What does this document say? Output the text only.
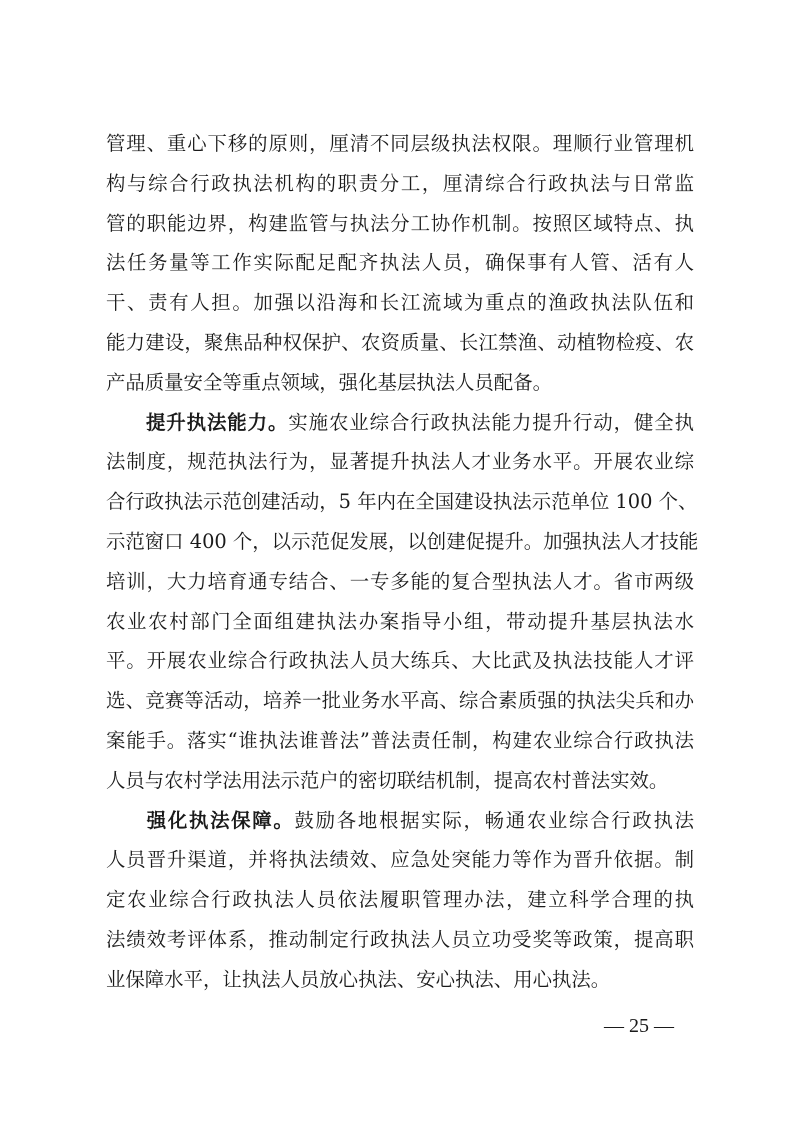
管理、重心下移的原则，厘清不同层级执法权限。理顺行业管理机
构与综合行政执法机构的职责分工，厘清综合行政执法与日常监
管的职能边界，构建监管与执法分工协作机制。按照区域特点、执
法任务量等工作实际配足配齐执法人员，确保事有人管、活有人
干、责有人担。加强以沿海和长江流域为重点的渔政执法队伍和
能力建设，聚焦品种权保护、农资质量、长江禁渔、动植物检疫、农
产品质量安全等重点领域，强化基层执法人员配备。
提升执法能力。实施农业综合行政执法能力提升行动，健全执
法制度，规范执法行为，显著提升执法人才业务水平。开展农业综
合行政执法示范创建活动，5 年内在全国建设执法示范单位 100 个、
示范窗口 400 个，以示范促发展，以创建促提升。加强执法人才技能
培训，大力培育通专结合、一专多能的复合型执法人才。省市两级
农业农村部门全面组建执法办案指导小组，带动提升基层执法水
平。开展农业综合行政执法人员大练兵、大比武及执法技能人才评
选、竞赛等活动，培养一批业务水平高、综合素质强的执法尖兵和办
案能手。落实“谁执法谁普法”普法责任制，构建农业综合行政执法
人员与农村学法用法示范户的密切联结机制，提高农村普法实效。
强化执法保障。鼓励各地根据实际，畅通农业综合行政执法
人员晋升渠道，并将执法绩效、应急处突能力等作为晋升依据。制
定农业综合行政执法人员依法履职管理办法，建立科学合理的执
法绩效考评体系，推动制定行政执法人员立功受奖等政策，提高职
业保障水平，让执法人员放心执法、安心执法、用心执法。
— 25 —
